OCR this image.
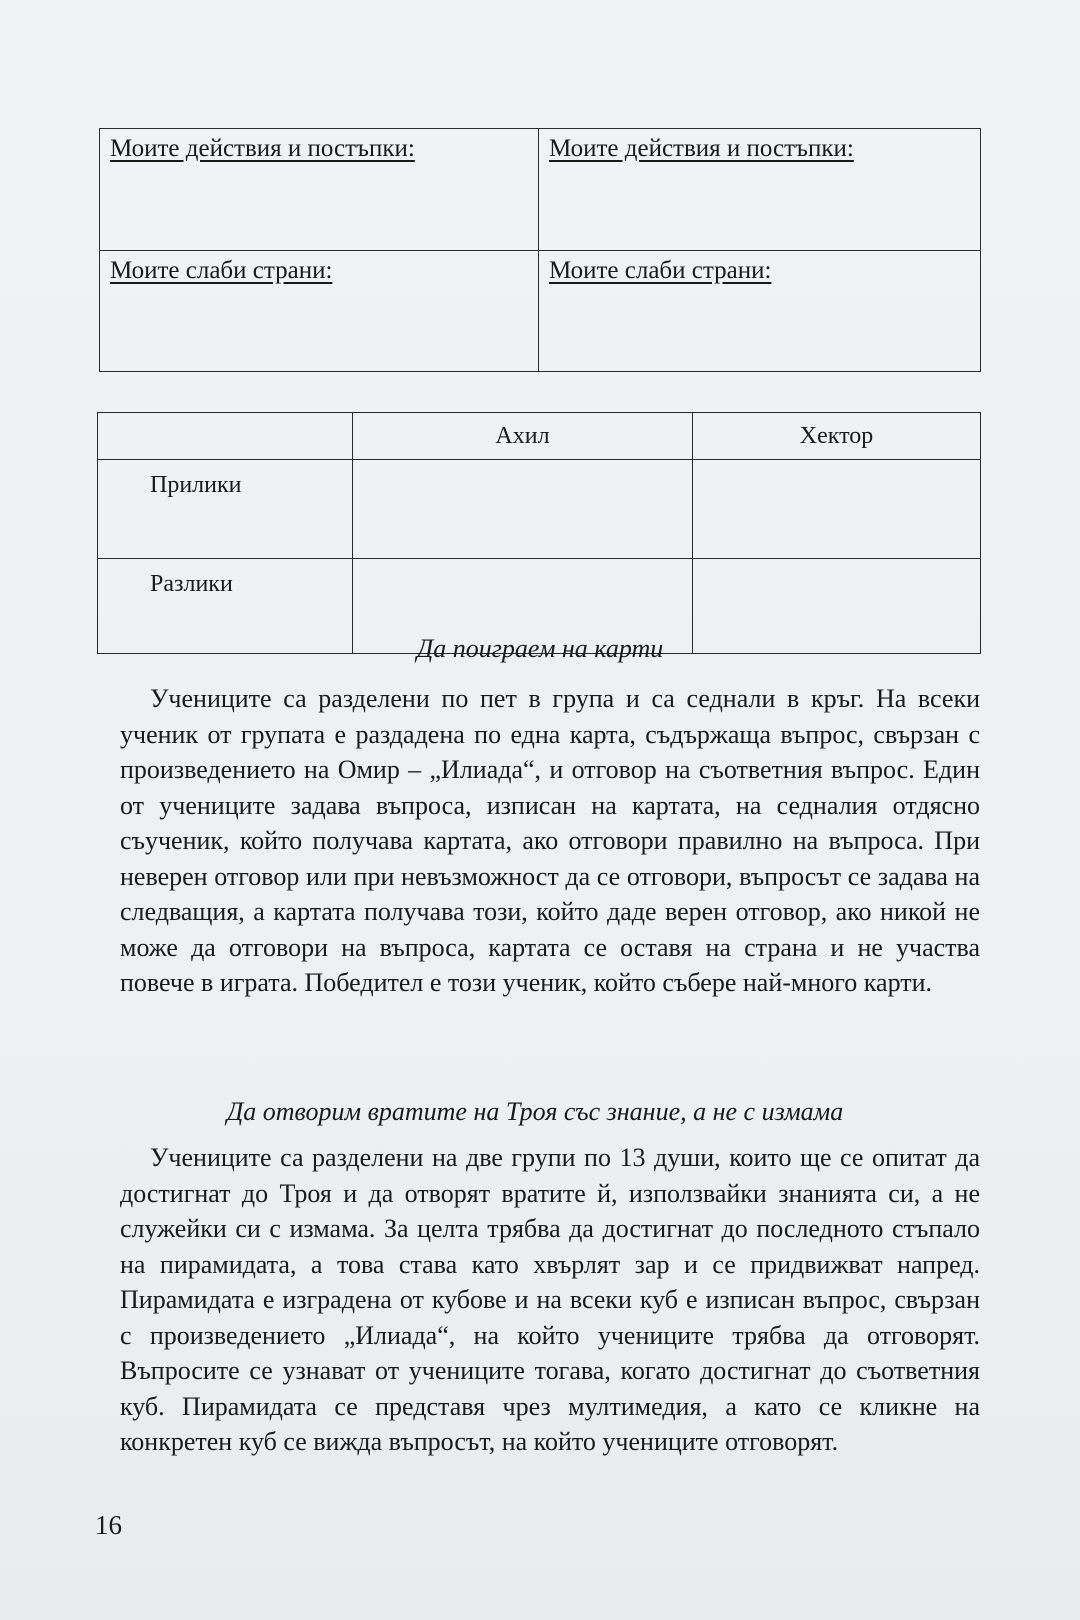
Моите действия и постъпки:	Моите действия и постъпки:
Моите слаби страни:	Моите слаби страни:
	Ахил	Хектор
Прилики		
Разлики		
Да поиграем на карти

Учениците са разделени по пет в група и са седнали в кръг. На всеки ученик от групата е раздадена по една карта, съдържаща въпрос, свързан с произведението на Омир – „Илиада“, и отговор на съответния въпрос. Един от учениците задава въпроса, изписан на картата, на седналия отдясно съученик, който получава картата, ако отговори правилно на въпроса. При неверен отговор или при невъзможност да се отговори, въпросът се задава на следващия, а картата получава този, който даде верен отговор, ако никой не може да отговори на въпроса, картата се оставя на страна и не участва повече в играта. Победител е този ученик, който събере най-много карти.

Да отворим вратите на Троя със знание, а не с измама

Учениците са разделени на две групи по 13 души, които ще се опитат да достигнат до Троя и да отворят вратите й, използвайки знанията си, а не служейки си с измама. За целта трябва да достигнат до последното стъпало на пирамидата, а това става като хвърлят зар и се придвижват напред. Пирамидата е изградена от кубове и на всеки куб е изписан въпрос, свързан с произведението „Илиада“, на който учениците трябва да отговорят. Въпросите се узнават от учениците тогава, когато достигнат до съответния куб. Пирамидата се представя чрез мултимедия, а като се кликне на конкретен куб се вижда въпросът, на който учениците отговорят.

16
